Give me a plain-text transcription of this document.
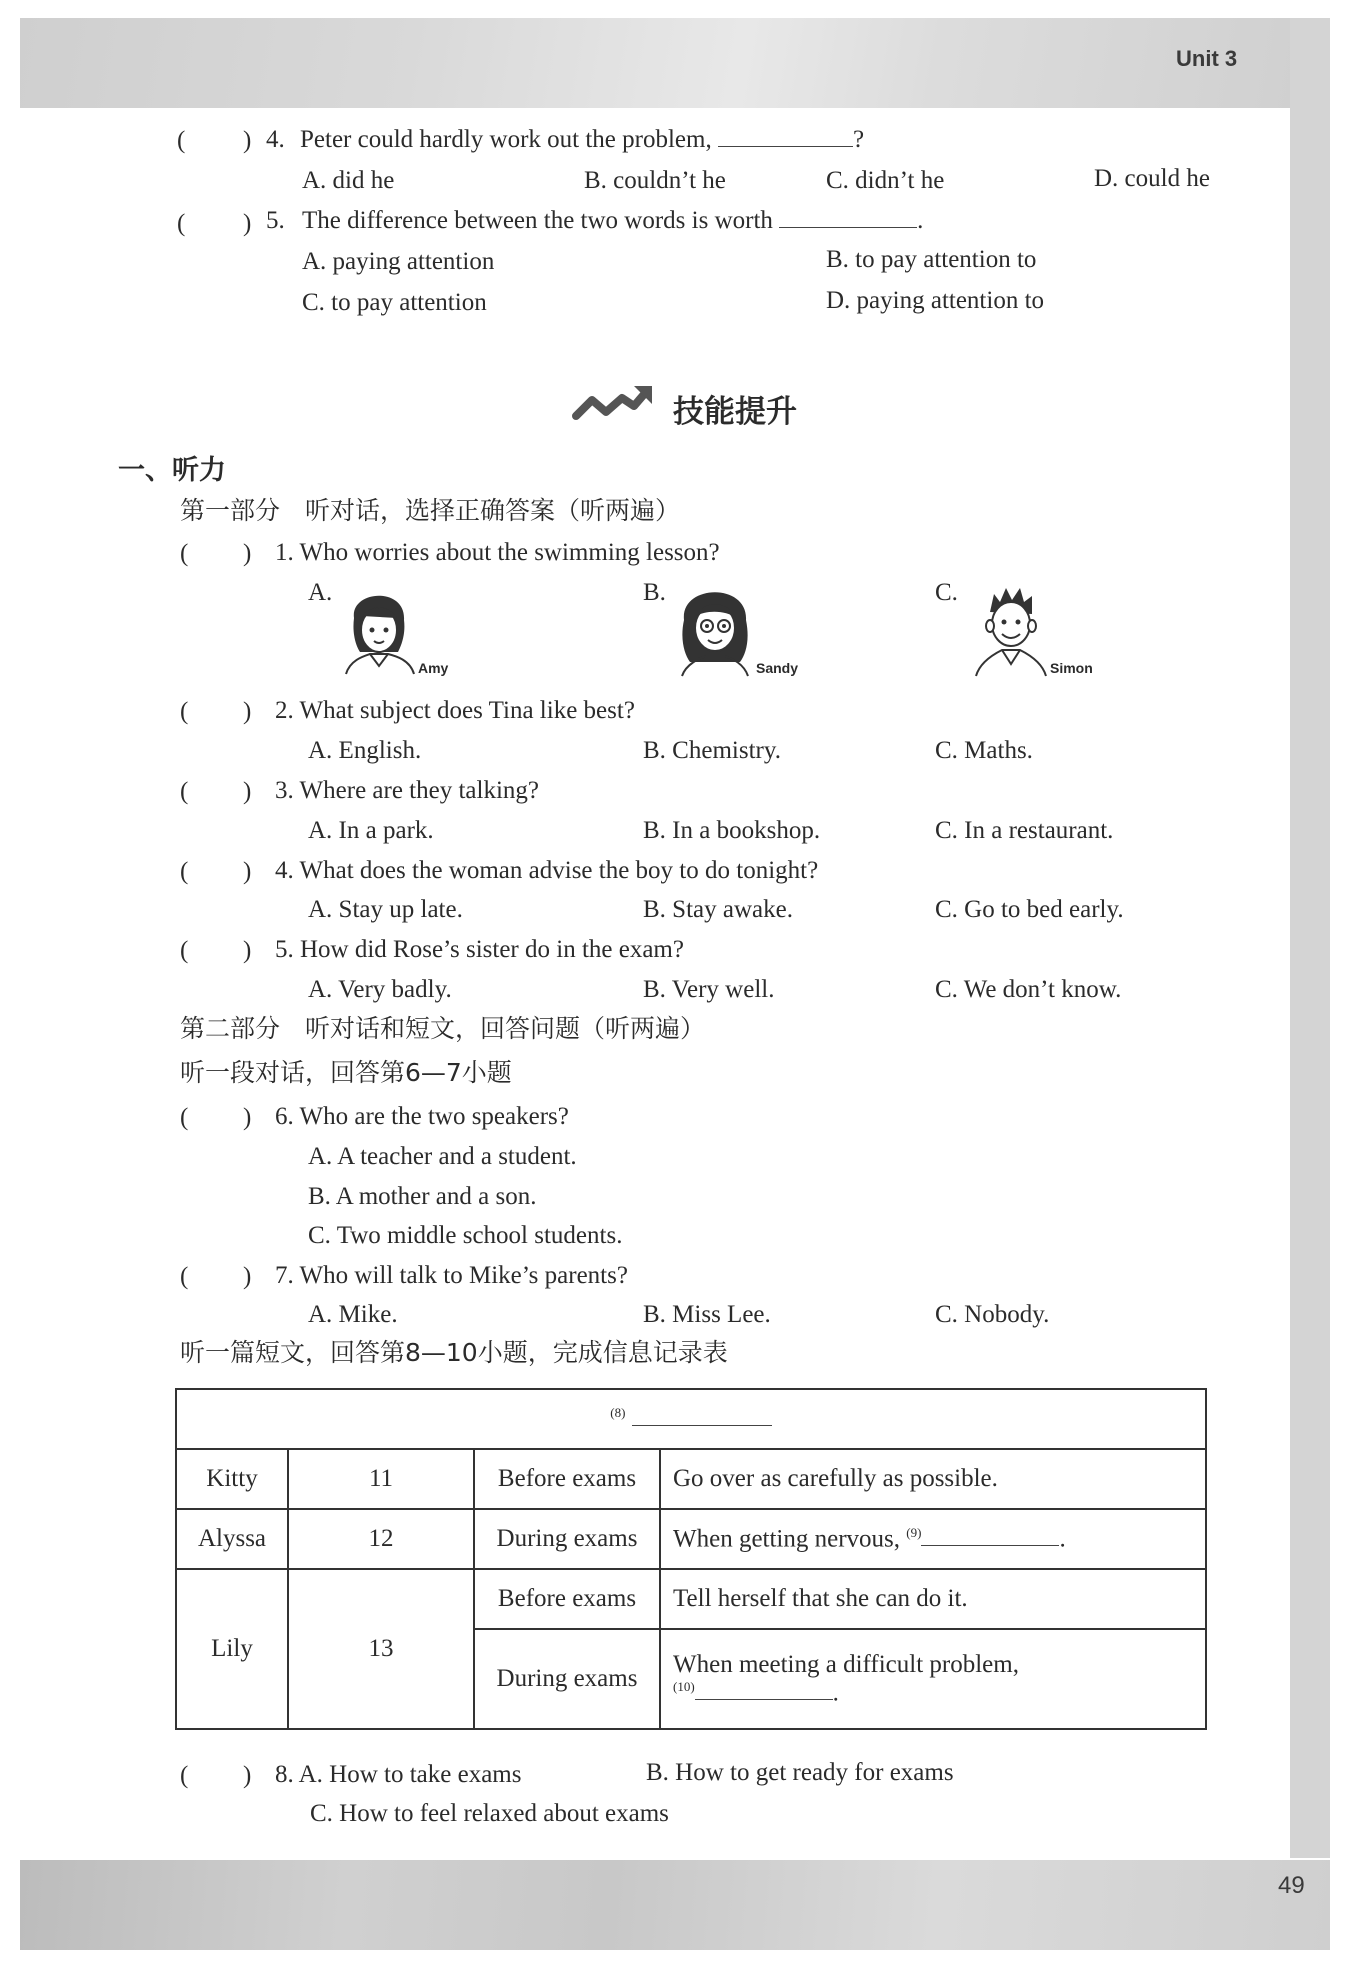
Unit 3
49
( ) 4. Peter could hardly work out the problem,	?
A. did he	B. couldn’t he	C. didn’t he	D. could he
( ) 5. The difference between the two words is worth	.
A. paying attention	B. to pay attention to
C. to pay attention	D. paying attention to
技能提升
一、听力
第一部分　听对话，选择正确答案（听两遍）
( ) 1. Who worries about the swimming lesson?
A.	B.	C.
Amy	Sandy	Simon
( ) 2. What subject does Tina like best?
A. English.	B. Chemistry.	C. Maths.
( ) 3. Where are they talking?
A. In a park.	B. In a bookshop.	C. In a restaurant.
( ) 4. What does the woman advise the boy to do tonight?
A. Stay up late.	B. Stay awake.	C. Go to bed early.
( ) 5. How did Rose’s sister do in the exam?
A. Very badly.	B. Very well.	C. We don’t know.
第二部分　听对话和短文，回答问题（听两遍）
听一段对话，回答第6—7小题
( ) 6. Who are the two speakers?
A. A teacher and a student.
B. A mother and a son.
C. Two middle school students.
( ) 7. Who will talk to Mike’s parents?
A. Mike.	B. Miss Lee.	C. Nobody.
听一篇短文，回答第8—10小题，完成信息记录表
$^{(8)}$
Kitty	11	Before exams	Go over as carefully as possible.
Alyssa	12	During exams	When getting nervous, $^{(9)}$ .
Lily	13	Before exams	Tell herself that she can do it.
		During exams	When meeting a difficult problem,
$^{(10)}$ .
( ) 8. A. How to take exams	B. How to get ready for exams
C. How to feel relaxed about exams
